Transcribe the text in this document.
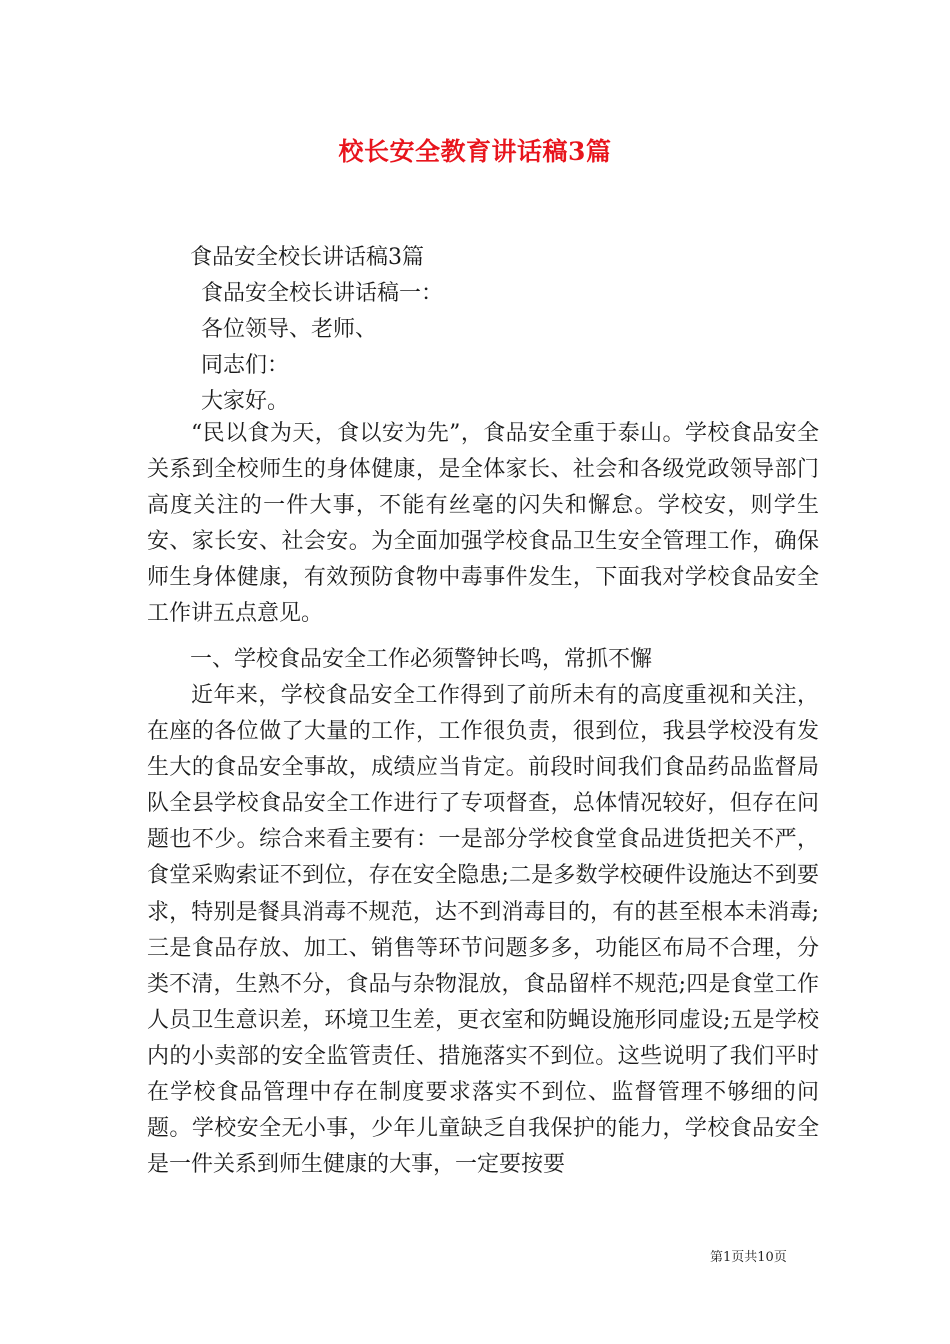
校长安全教育讲话稿3篇
食品安全校长讲话稿3篇
食品安全校长讲话稿一：
各位领导、老师、
同志们：
大家好。
“民以食为天，食以安为先”，食品安全重于泰山。学校食品安全关系到全校师生的身体健康，是全体家长、社会和各级党政领导部门高度关注的一件大事，不能有丝毫的闪失和懈怠。学校安，则学生安、家长安、社会安。为全面加强学校食品卫生安全管理工作，确保师生身体健康，有效预防食物中毒事件发生，下面我对学校食品安全工作讲五点意见。
一、学校食品安全工作必须警钟长鸣，常抓不懈
近年来，学校食品安全工作得到了前所未有的高度重视和关注，在座的各位做了大量的工作，工作很负责，很到位，我县学校没有发生大的食品安全事故，成绩应当肯定。前段时间我们食品药品监督局队全县学校食品安全工作进行了专项督查，总体情况较好，但存在问题也不少。综合来看主要有：一是部分学校食堂食品进货把关不严，食堂采购索证不到位，存在安全隐患;二是多数学校硬件设施达不到要求，特别是餐具消毒不规范，达不到消毒目的，有的甚至根本未消毒;三是食品存放、加工、销售等环节问题多多，功能区布局不合理，分类不清，生熟不分，食品与杂物混放，食品留样不规范;四是食堂工作人员卫生意识差，环境卫生差，更衣室和防蝇设施形同虚设;五是学校内的小卖部的安全监管责任、措施落实不到位。这些说明了我们平时在学校食品管理中存在制度要求落实不到位、监督管理不够细的问题。学校安全无小事，少年儿童缺乏自我保护的能力，学校食品安全是一件关系到师生健康的大事，一定要按要
第1页共10页
